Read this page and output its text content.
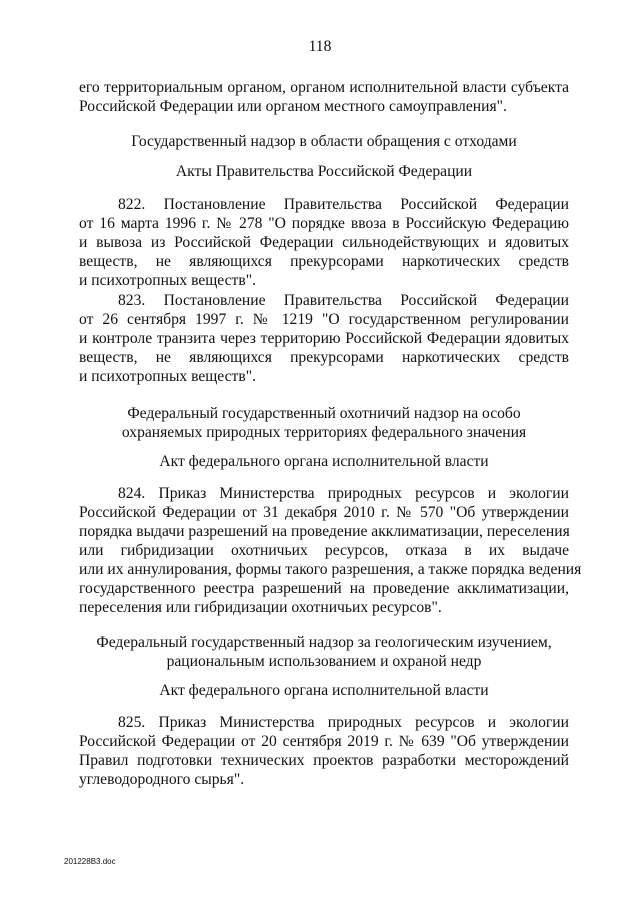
118
его территориальным органом, органом исполнительной власти субъекта
Российской Федерации или органом местного самоуправления".
Государственный надзор в области обращения с отходами
Акты Правительства Российской Федерации
822. Постановление Правительства Российской Федерации
от 16 марта 1996 г. № 278 "О порядке ввоза в Российскую Федерацию
и вывоза из Российской Федерации сильнодействующих и ядовитых
веществ, не являющихся прекурсорами наркотических средств
и психотропных веществ".
823. Постановление Правительства Российской Федерации
от 26 сентября 1997 г. № 1219 "О государственном регулировании
и контроле транзита через территорию Российской Федерации ядовитых
веществ, не являющихся прекурсорами наркотических средств
и психотропных веществ".
Федеральный государственный охотничий надзор на особо
охраняемых природных территориях федерального значения
Акт федерального органа исполнительной власти
824. Приказ Министерства природных ресурсов и экологии
Российской Федерации от 31 декабря 2010 г. № 570 "Об утверждении
порядка выдачи разрешений на проведение акклиматизации, переселения
или гибридизации охотничьих ресурсов, отказа в их выдаче
или их аннулирования, формы такого разрешения, а также порядка ведения
государственного реестра разрешений на проведение акклиматизации,
переселения или гибридизации охотничьих ресурсов".
Федеральный государственный надзор за геологическим изучением,
рациональным использованием и охраной недр
Акт федерального органа исполнительной власти
825. Приказ Министерства природных ресурсов и экологии
Российской Федерации от 20 сентября 2019 г. № 639 "Об утверждении
Правил подготовки технических проектов разработки месторождений
углеводородного сырья".
201228В3.doc
